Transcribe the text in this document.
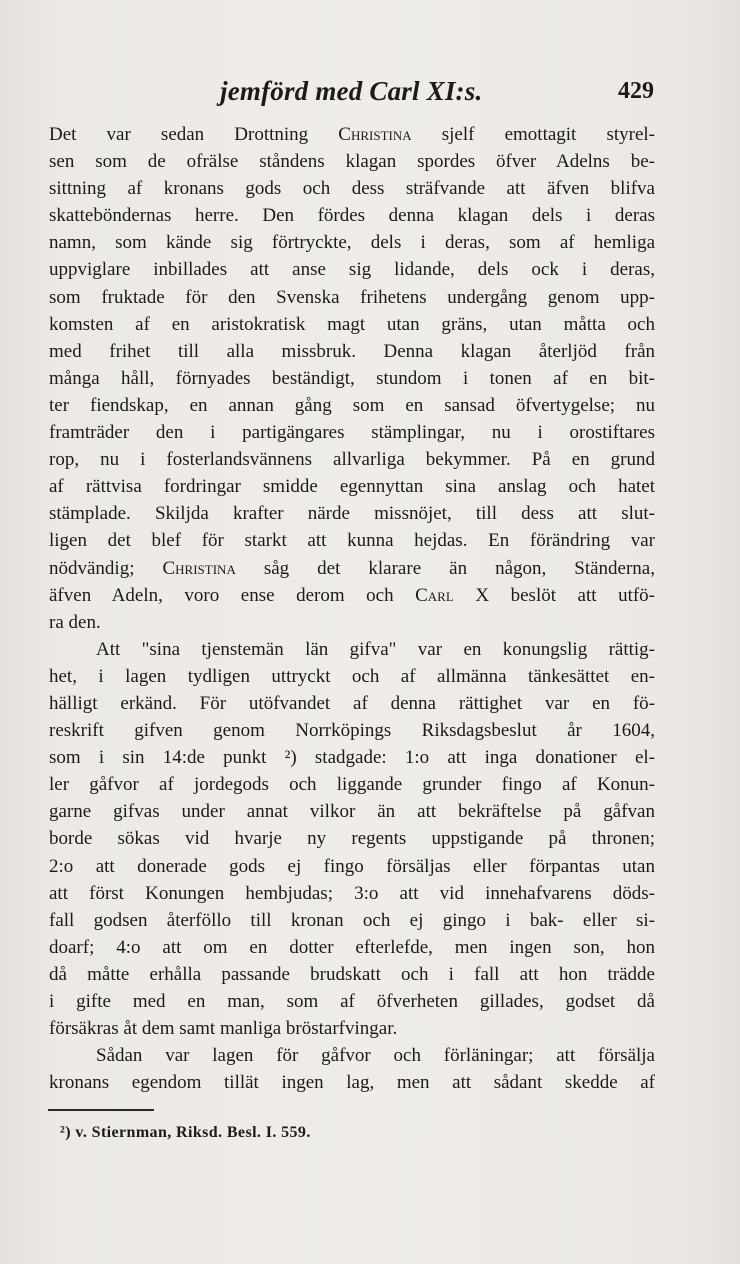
jemförd med Carl XI:s.	429
Det var sedan Drottning Christina sjelf emottagit styrel-
sen som de ofrälse ståndens klagan spordes öfver Adelns be-
sittning af kronans gods och dess sträfvande att äfven blifva
skatteböndernas herre. Den fördes denna klagan dels i deras
namn, som kände sig förtryckte, dels i deras, som af hemliga
uppviglare inbillades att anse sig lidande, dels ock i deras,
som fruktade för den Svenska frihetens undergång genom upp-
komsten af en aristokratisk magt utan gräns, utan måtta och
med frihet till alla missbruk. Denna klagan återljöd från
många håll, förnyades beständigt, stundom i tonen af en bit-
ter fiendskap, en annan gång som en sansad öfvertygelse; nu
framträder den i partigängares stämplingar, nu i orostiftares
rop, nu i fosterlandsvännens allvarliga bekymmer. På en grund
af rättvisa fordringar smidde egennyttan sina anslag och hatet
stämplade. Skiljda krafter närde missnöjet, till dess att slut-
ligen det blef för starkt att kunna hejdas. En förändring var
nödvändig; Christina såg det klarare än någon, Ständerna,
äfven Adeln, voro ense derom och Carl X beslöt att utfö-
ra den.
Att "sina tjenstemän län gifva" var en konungslig rättig-
het, i lagen tydligen uttryckt och af allmänna tänkesättet en-
hälligt erkänd. För utöfvandet af denna rättighet var en fö-
reskrift gifven genom Norrköpings Riksdagsbeslut år 1604,
som i sin 14:de punkt ²) stadgade: 1:o att inga donationer el-
ler gåfvor af jordegods och liggande grunder fingo af Konun-
garne gifvas under annat vilkor än att bekräftelse på gåfvan
borde sökas vid hvarje ny regents uppstigande på thronen;
2:o att donerade gods ej fingo försäljas eller förpantas utan
att först Konungen hembjudas; 3:o att vid innehafvarens döds-
fall godsen återföllo till kronan och ej gingo i bak- eller si-
doarf; 4:o att om en dotter efterlefde, men ingen son, hon
då måtte erhålla passande brudskatt och i fall att hon trädde
i gifte med en man, som af öfverheten gillades, godset då
försäkras åt dem samt manliga bröstarfvingar.
Sådan var lagen för gåfvor och förläningar; att försälja
kronans egendom tillät ingen lag, men att sådant skedde af
²) v. Stiernman, Riksd. Besl. I. 559.
